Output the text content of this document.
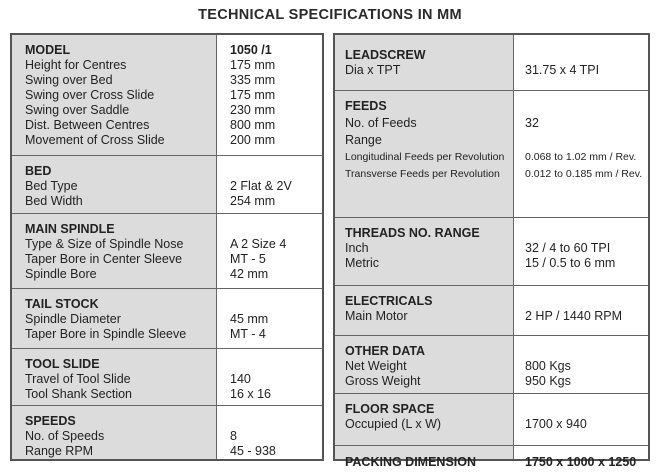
TECHNICAL SPECIFICATIONS IN MM
MODEL	1050 /1
Height for Centres	175 mm
Swing over Bed	335 mm
Swing over Cross Slide	175 mm
Swing over Saddle	230 mm
Dist. Between Centres	800 mm
Movement of Cross Slide	200 mm
BED
Bed Type	2 Flat & 2V
Bed Width	254 mm
MAIN SPINDLE
Type & Size of Spindle Nose	A 2 Size 4
Taper Bore in Center Sleeve	MT - 5
Spindle Bore	42 mm
TAIL STOCK
Spindle Diameter	45 mm
Taper Bore in Spindle Sleeve	MT - 4
TOOL SLIDE
Travel of Tool Slide	140
Tool Shank Section	16 x 16
SPEEDS
No. of Speeds	8
Range RPM	45 - 938
LEADSCREW
Dia x TPT	31.75 x 4 TPI
FEEDS
No. of Feeds	32
Range
Longitudinal Feeds per Revolution	0.068 to 1.02 mm / Rev.
Transverse Feeds per Revolution	0.012 to 0.185 mm / Rev.
THREADS NO. RANGE
Inch	32 / 4 to 60 TPI
Metric	15 / 0.5 to 6 mm
ELECTRICALS
Main Motor	2 HP / 1440 RPM
OTHER DATA
Net Weight	800 Kgs
Gross Weight	950 Kgs
FLOOR SPACE
Occupied (L x W)	1700 x 940
PACKING DIMENSION	1750 x 1000 x 1250
